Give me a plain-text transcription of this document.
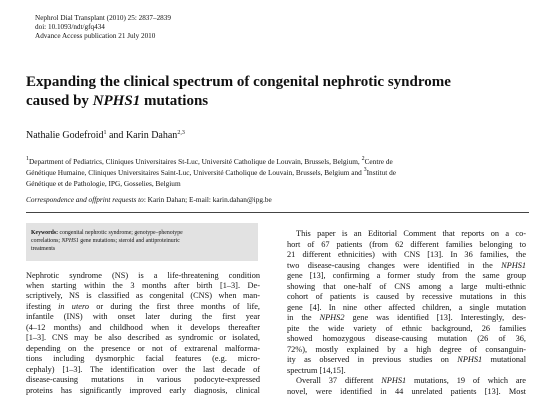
Nephrol Dial Transplant (2010) 25: 2837–2839
doi: 10.1093/ndt/gfq434
Advance Access publication 21 July 2010
Expanding the clinical spectrum of congenital nephrotic syndrome
caused by NPHS1 mutations
Nathalie Godefroid$^1$ and Karin Dahan$^{2,3}$
$^1$Department of Pediatrics, Cliniques Universitaires St-Luc, Université Catholique de Louvain, Brussels, Belgium, $^2$Centre de
Génétique Humaine, Cliniques Universitaires Saint-Luc, Université Catholique de Louvain, Brussels, Belgium and $^3$Institut de
Génétique et de Pathologie, IPG, Gosselies, Belgium
Correspondence and offprint requests to: Karin Dahan; E-mail: karin.dahan@ipg.be
Keywords: congenital nephrotic syndrome; genotype–phenotype
correlations; NPHS1 gene mutations; steroid and antiproteinuric
treatments
Nephrotic syndrome (NS) is a life-threatening condition
when starting within the 3 months after birth [1–3]. De-
scriptively, NS is classified as congenital (CNS) when man-
ifesting in utero or during the first three months of life,
infantile (INS) with onset later during the first year
(4–12 months) and childhood when it develops thereafter
[1–3]. CNS may be also described as syndromic or isolated,
depending on the presence or not of extrarenal malforma-
tions including dysmorphic facial features (e.g. micro-
cephaly) [1–3]. The identification over the last decade of
disease-causing mutations in various podocyte-expressed
proteins has significantly improved early diagnosis, clinical
This paper is an Editorial Comment that reports on a co-
hort of 67 patients (from 62 different families belonging to
21 different ethnicities) with CNS [13]. In 36 families, the
two disease-causing changes were identified in the NPHS1
gene [13], confirming a former study from the same group
showing that one-half of CNS among a large multi-ethnic
cohort of patients is caused by recessive mutations in this
gene [4]. In nine other affected children, a single mutation
in the NPHS2 gene was identified [13]. Interestingly, des-
pite the wide variety of ethnic background, 26 families
showed homozygous disease-causing mutation (26 of 36,
72%), mostly explained by a high degree of consanguin-
ity as observed in previous studies on NPHS1 mutational
spectrum [14,15].
Overall 37 different NPHS1 mutations, 19 of which are
novel, were identified in 44 unrelated patients [13]. Most
